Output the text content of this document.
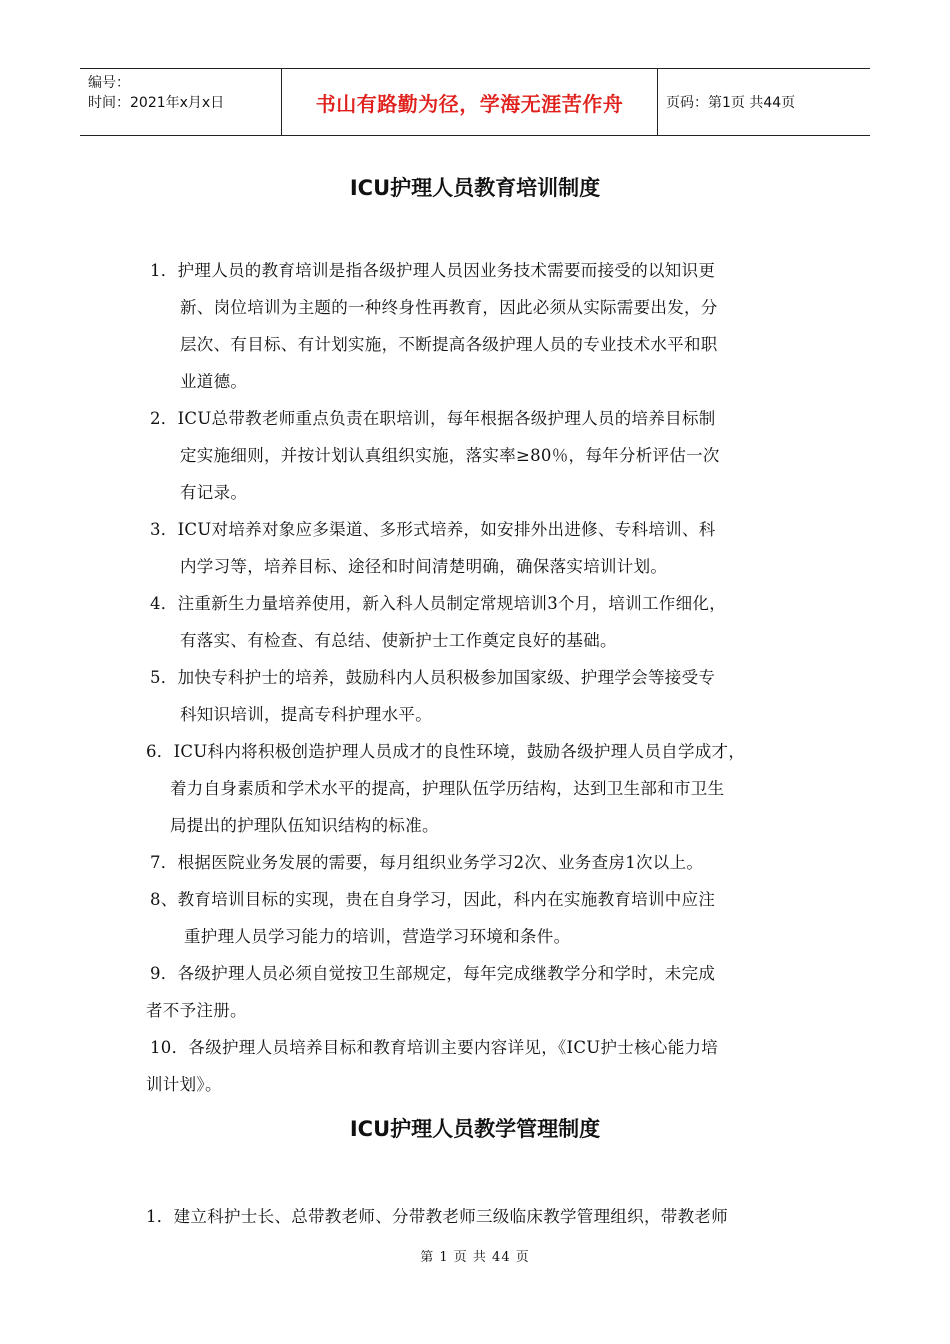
编号：
时间：2021年x月x日	书山有路勤为径，学海无涯苦作舟	页码：第1页 共44页
ICU护理人员教育培训制度
1．护理人员的教育培训是指各级护理人员因业务技术需要而接受的以知识更
新、岗位培训为主题的一种终身性再教育，因此必须从实际需要出发，分
层次、有目标、有计划实施，不断提高各级护理人员的专业技术水平和职
业道德。
2．ICU总带教老师重点负责在职培训，每年根据各级护理人员的培养目标制
定实施细则，并按计划认真组织实施，落实率≥80％，每年分析评估一次
有记录。
3．ICU对培养对象应多渠道、多形式培养，如安排外出进修、专科培训、科
内学习等，培养目标、途径和时间清楚明确，确保落实培训计划。
4．注重新生力量培养使用，新入科人员制定常规培训3个月，培训工作细化，
有落实、有检查、有总结、使新护士工作奠定良好的基础。
5．加快专科护士的培养，鼓励科内人员积极参加国家级、护理学会等接受专
科知识培训，提高专科护理水平。
6．ICU科内将积极创造护理人员成才的良性环境，鼓励各级护理人员自学成才，
着力自身素质和学术水平的提高，护理队伍学历结构，达到卫生部和市卫生
局提出的护理队伍知识结构的标准。
7．根据医院业务发展的需要，每月组织业务学习2次、业务查房1次以上。
8、教育培训目标的实现，贵在自身学习，因此，科内在实施教育培训中应注
重护理人员学习能力的培训，营造学习环境和条件。
9．各级护理人员必须自觉按卫生部规定，每年完成继教学分和学时，未完成
者不予注册。
10．各级护理人员培养目标和教育培训主要内容详见，《ICU护士核心能力培
训计划》。
ICU护理人员教学管理制度
1．建立科护士长、总带教老师、分带教老师三级临床教学管理组织，带教老师
第 1 页 共 44 页
